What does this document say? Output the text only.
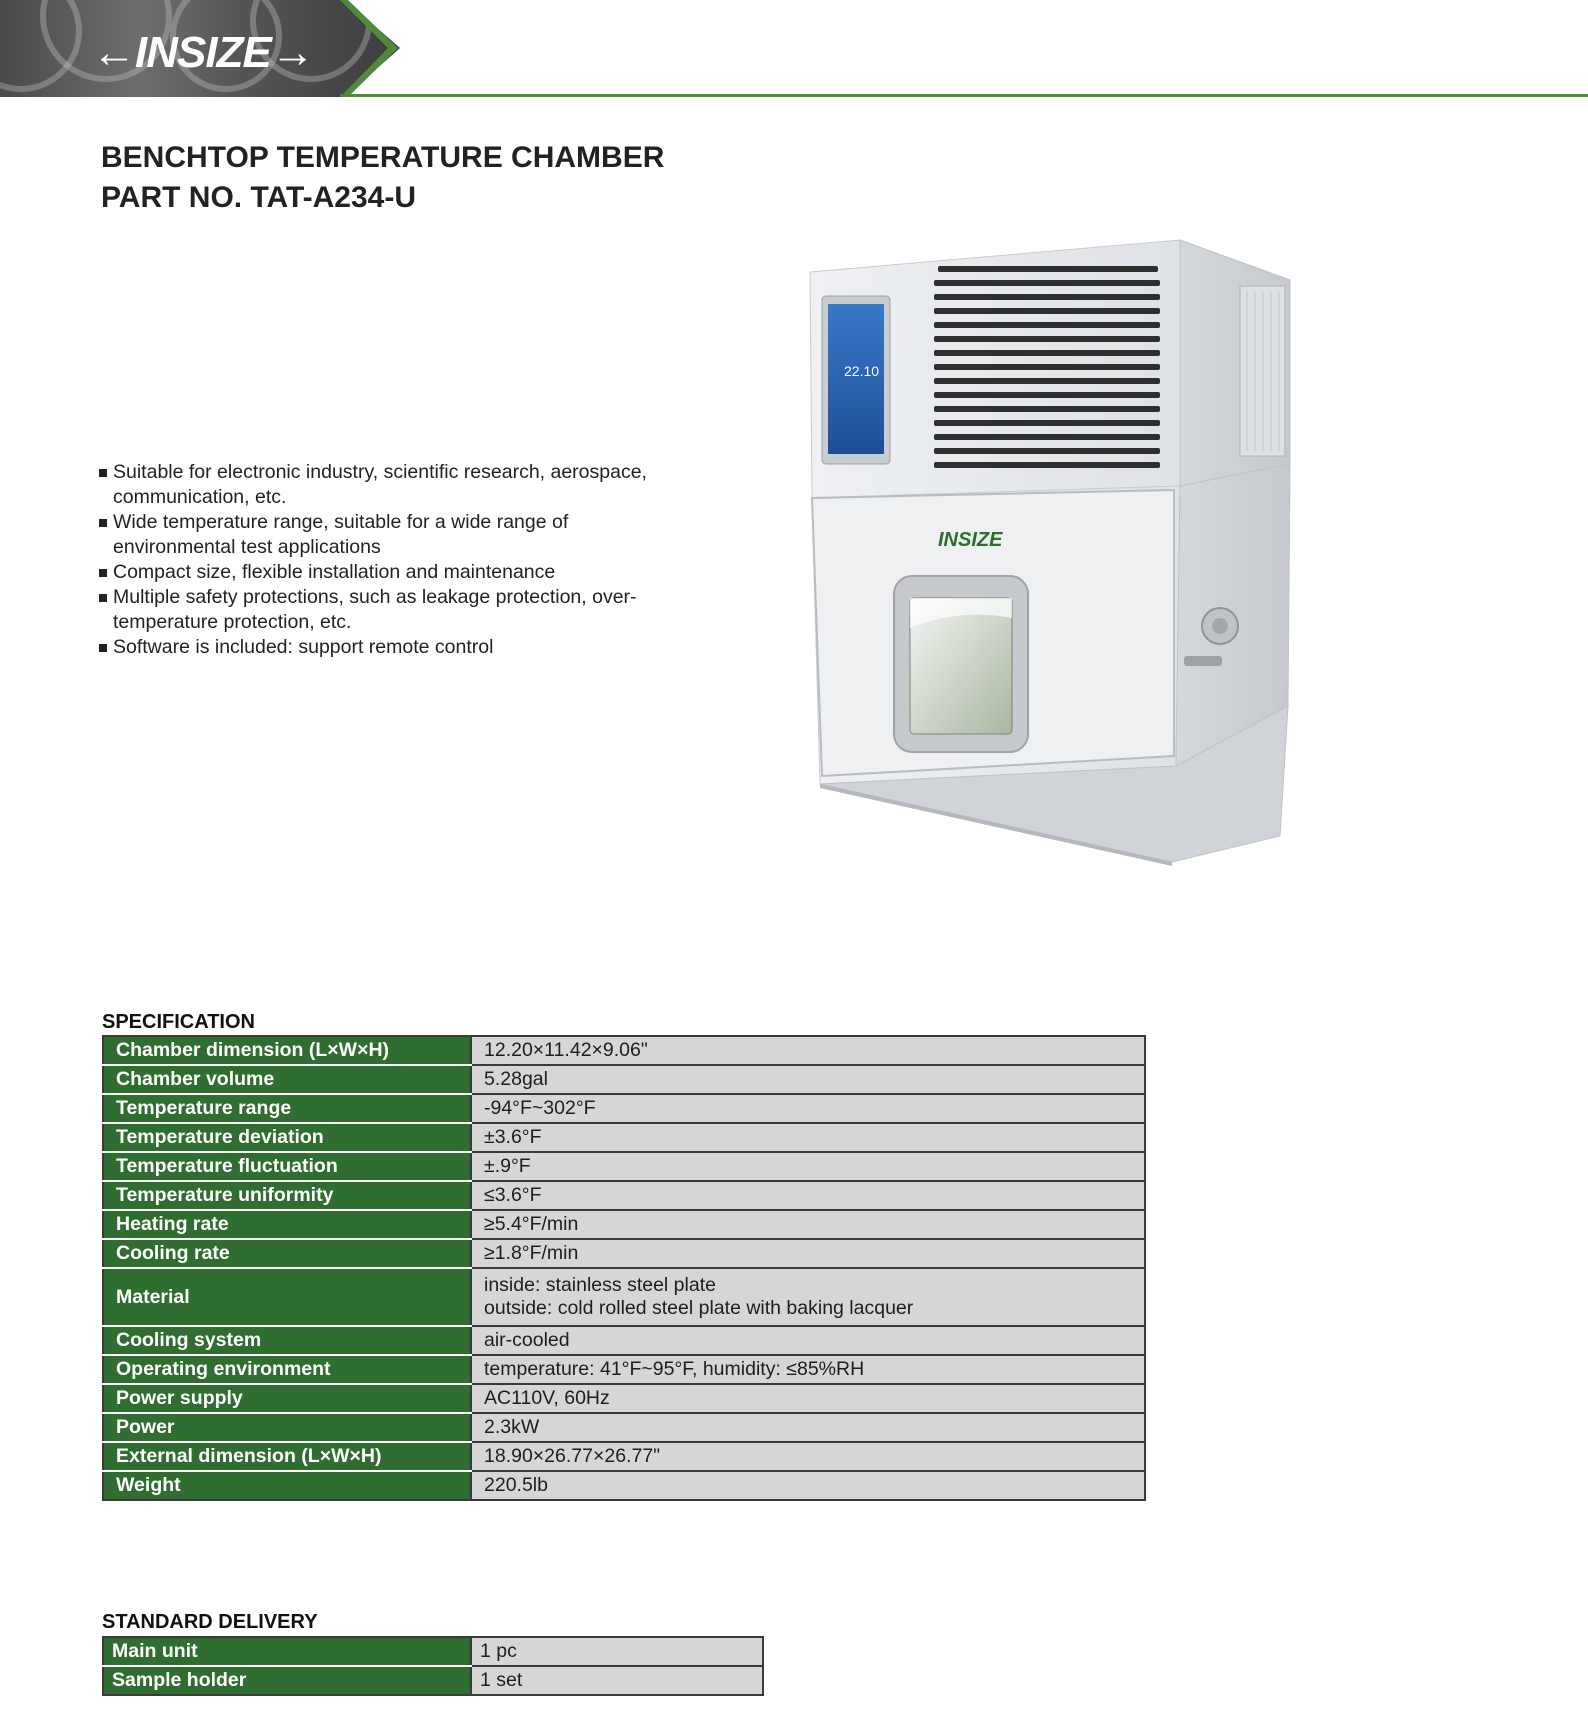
←INSIZE→
BENCHTOP TEMPERATURE CHAMBER
PART NO. TAT-A234-U
Suitable for electronic industry, scientific research, aerospace, communication, etc.
Wide temperature range, suitable for a wide range of environmental test applications
Compact size, flexible installation and maintenance
Multiple safety protections, such as leakage protection, over-temperature protection, etc.
Software is included: support remote control
22.10
INSIZE
SPECIFICATION
Chamber dimension (L×W×H)	12.20×11.42×9.06"
Chamber volume	5.28gal
Temperature range	-94°F~302°F
Temperature deviation	±3.6°F
Temperature fluctuation	±.9°F
Temperature uniformity	≤3.6°F
Heating rate	≥5.4°F/min
Cooling rate	≥1.8°F/min
Material	inside: stainless steel plate
outside: cold rolled steel plate with baking lacquer

Cooling system	air-cooled
Operating environment	temperature: 41°F~95°F, humidity: ≤85%RH
Power supply	AC110V, 60Hz
Power	2.3kW
External dimension (L×W×H)	18.90×26.77×26.77"
Weight	220.5lb
STANDARD DELIVERY
Main unit	1 pc
Sample holder	1 set
